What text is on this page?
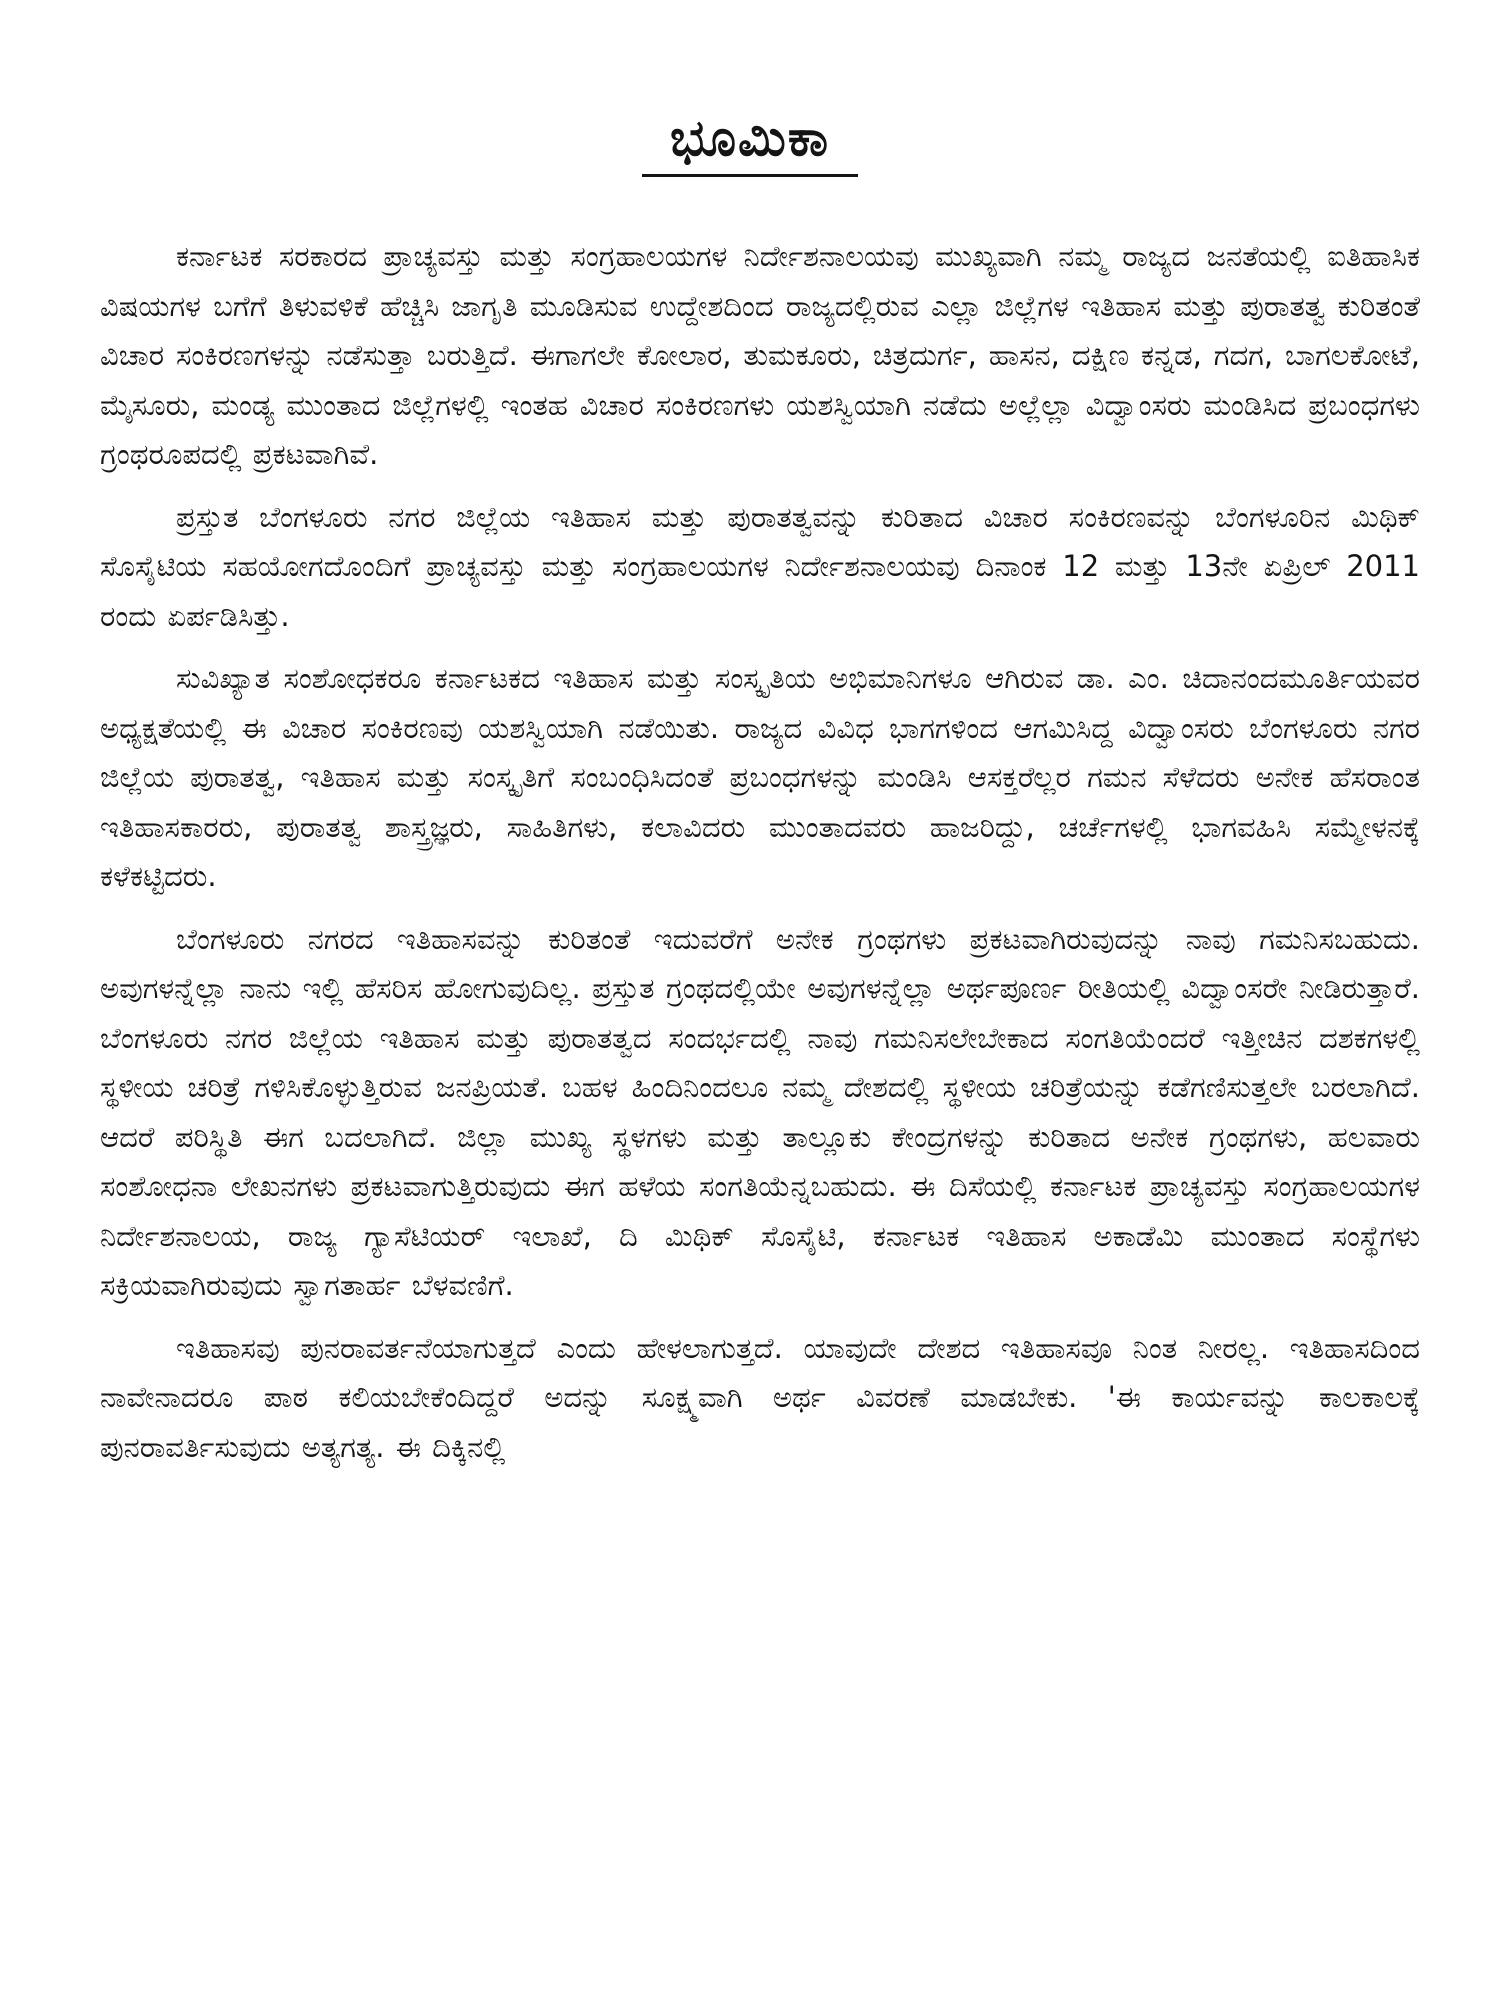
ಭೂಮಿಕಾ

ಕರ್ನಾಟಕ ಸರಕಾರದ ಪ್ರಾಚ್ಯವಸ್ತು ಮತ್ತು ಸಂಗ್ರಹಾಲಯಗಳ ನಿರ್ದೇಶನಾಲಯವು ಮುಖ್ಯವಾಗಿ ನಮ್ಮ ರಾಜ್ಯದ ಜನತೆಯಲ್ಲಿ ಐತಿಹಾಸಿಕ ವಿಷಯಗಳ ಬಗೆಗೆ ತಿಳುವಳಿಕೆ ಹೆಚ್ಚಿಸಿ ಜಾಗೃತಿ ಮೂಡಿಸುವ ಉದ್ದೇಶದಿಂದ ರಾಜ್ಯದಲ್ಲಿರುವ ಎಲ್ಲಾ ಜಿಲ್ಲೆಗಳ ಇತಿಹಾಸ ಮತ್ತು ಪುರಾತತ್ವ ಕುರಿತಂತೆ ವಿಚಾರ ಸಂಕಿರಣಗಳನ್ನು ನಡೆಸುತ್ತಾ ಬರುತ್ತಿದೆ. ಈಗಾಗಲೇ ಕೋಲಾರ, ತುಮಕೂರು, ಚಿತ್ರದುರ್ಗ, ಹಾಸನ, ದಕ್ಷಿಣ ಕನ್ನಡ, ಗದಗ, ಬಾಗಲಕೋಟೆ, ಮೈಸೂರು, ಮಂಡ್ಯ ಮುಂತಾದ ಜಿಲ್ಲೆಗಳಲ್ಲಿ ಇಂತಹ ವಿಚಾರ ಸಂಕಿರಣಗಳು ಯಶಸ್ವಿಯಾಗಿ ನಡೆದು ಅಲ್ಲೆಲ್ಲಾ ವಿದ್ವಾಂಸರು ಮಂಡಿಸಿದ ಪ್ರಬಂಧಗಳು ಗ್ರಂಥರೂಪದಲ್ಲಿ ಪ್ರಕಟವಾಗಿವೆ.

ಪ್ರಸ್ತುತ ಬೆಂಗಳೂರು ನಗರ ಜಿಲ್ಲೆಯ ಇತಿಹಾಸ ಮತ್ತು ಪುರಾತತ್ವವನ್ನು ಕುರಿತಾದ ವಿಚಾರ ಸಂಕಿರಣವನ್ನು ಬೆಂಗಳೂರಿನ ಮಿಥಿಕ್ ಸೊಸೈಟಿಯ ಸಹಯೋಗದೊಂದಿಗೆ ಪ್ರಾಚ್ಯವಸ್ತು ಮತ್ತು ಸಂಗ್ರಹಾಲಯಗಳ ನಿರ್ದೇಶನಾಲಯವು ದಿನಾಂಕ 12 ಮತ್ತು 13ನೇ ಏಪ್ರಿಲ್ 2011 ರಂದು ಏರ್ಪಡಿಸಿತ್ತು.

ಸುವಿಖ್ಯಾತ ಸಂಶೋಧಕರೂ ಕರ್ನಾಟಕದ ಇತಿಹಾಸ ಮತ್ತು ಸಂಸ್ಕೃತಿಯ ಅಭಿಮಾನಿಗಳೂ ಆಗಿರುವ ಡಾ. ಎಂ. ಚಿದಾನಂದಮೂರ್ತಿಯವರ ಅಧ್ಯಕ್ಷತೆಯಲ್ಲಿ ಈ ವಿಚಾರ ಸಂಕಿರಣವು ಯಶಸ್ವಿಯಾಗಿ ನಡೆಯಿತು. ರಾಜ್ಯದ ವಿವಿಧ ಭಾಗಗಳಿಂದ ಆಗಮಿಸಿದ್ದ ವಿದ್ವಾಂಸರು ಬೆಂಗಳೂರು ನಗರ ಜಿಲ್ಲೆಯ ಪುರಾತತ್ವ, ಇತಿಹಾಸ ಮತ್ತು ಸಂಸ್ಕೃತಿಗೆ ಸಂಬಂಧಿಸಿದಂತೆ ಪ್ರಬಂಧಗಳನ್ನು ಮಂಡಿಸಿ ಆಸಕ್ತರೆಲ್ಲರ ಗಮನ ಸೆಳೆದರು ಅನೇಕ ಹೆಸರಾಂತ ಇತಿಹಾಸಕಾರರು, ಪುರಾತತ್ವ ಶಾಸ್ತ್ರಜ್ಞರು, ಸಾಹಿತಿಗಳು, ಕಲಾವಿದರು ಮುಂತಾದವರು ಹಾಜರಿದ್ದು, ಚರ್ಚೆಗಳಲ್ಲಿ ಭಾಗವಹಿಸಿ ಸಮ್ಮೇಳನಕ್ಕೆ ಕಳೆಕಟ್ಟಿದರು.

ಬೆಂಗಳೂರು ನಗರದ ಇತಿಹಾಸವನ್ನು ಕುರಿತಂತೆ ಇದುವರೆಗೆ ಅನೇಕ ಗ್ರಂಥಗಳು ಪ್ರಕಟವಾಗಿರುವುದನ್ನು ನಾವು ಗಮನಿಸಬಹುದು. ಅವುಗಳನ್ನೆಲ್ಲಾ ನಾನು ಇಲ್ಲಿ ಹೆಸರಿಸ ಹೋಗುವುದಿಲ್ಲ. ಪ್ರಸ್ತುತ ಗ್ರಂಥದಲ್ಲಿಯೇ ಅವುಗಳನ್ನೆಲ್ಲಾ ಅರ್ಥಪೂರ್ಣ ರೀತಿಯಲ್ಲಿ ವಿದ್ವಾಂಸರೇ ನೀಡಿರುತ್ತಾರೆ. ಬೆಂಗಳೂರು ನಗರ ಜಿಲ್ಲೆಯ ಇತಿಹಾಸ ಮತ್ತು ಪುರಾತತ್ವದ ಸಂದರ್ಭದಲ್ಲಿ ನಾವು ಗಮನಿಸಲೇಬೇಕಾದ ಸಂಗತಿಯೆಂದರೆ ಇತ್ತೀಚಿನ ದಶಕಗಳಲ್ಲಿ ಸ್ಥಳೀಯ ಚರಿತ್ರೆ ಗಳಿಸಿಕೊಳ್ಳುತ್ತಿರುವ ಜನಪ್ರಿಯತೆ. ಬಹಳ ಹಿಂದಿನಿಂದಲೂ ನಮ್ಮ ದೇಶದಲ್ಲಿ ಸ್ಥಳೀಯ ಚರಿತ್ರೆಯನ್ನು ಕಡೆಗಣಿಸುತ್ತಲೇ ಬರಲಾಗಿದೆ. ಆದರೆ ಪರಿಸ್ಥಿತಿ ಈಗ ಬದಲಾಗಿದೆ. ಜಿಲ್ಲಾ ಮುಖ್ಯ ಸ್ಥಳಗಳು ಮತ್ತು ತಾಲ್ಲೂಕು ಕೇಂದ್ರಗಳನ್ನು ಕುರಿತಾದ ಅನೇಕ ಗ್ರಂಥಗಳು, ಹಲವಾರು ಸಂಶೋಧನಾ ಲೇಖನಗಳು ಪ್ರಕಟವಾಗುತ್ತಿರುವುದು ಈಗ ಹಳೆಯ ಸಂಗತಿಯೆನ್ನಬಹುದು. ಈ ದಿಸೆಯಲ್ಲಿ ಕರ್ನಾಟಕ ಪ್ರಾಚ್ಯವಸ್ತು ಸಂಗ್ರಹಾಲಯಗಳ ನಿರ್ದೇಶನಾಲಯ, ರಾಜ್ಯ ಗ್ಯಾಸೆಟಿಯರ್ ಇಲಾಖೆ, ದಿ ಮಿಥಿಕ್ ಸೊಸೈಟಿ, ಕರ್ನಾಟಕ ಇತಿಹಾಸ ಅಕಾಡೆಮಿ ಮುಂತಾದ ಸಂಸ್ಥೆಗಳು ಸಕ್ರಿಯವಾಗಿರುವುದು ಸ್ವಾಗತಾರ್ಹ ಬೆಳವಣಿಗೆ.

ಇತಿಹಾಸವು ಪುನರಾವರ್ತನೆಯಾಗುತ್ತದೆ ಎಂದು ಹೇಳಲಾಗುತ್ತದೆ. ಯಾವುದೇ ದೇಶದ ಇತಿಹಾಸವೂ ನಿಂತ ನೀರಲ್ಲ. ಇತಿಹಾಸದಿಂದ ನಾವೇನಾದರೂ ಪಾಠ ಕಲಿಯಬೇಕೆಂದಿದ್ದರೆ ಅದನ್ನು ಸೂಕ್ಷ್ಮವಾಗಿ ಅರ್ಥ ವಿವರಣೆ ಮಾಡಬೇಕು. 'ಈ ಕಾರ್ಯವನ್ನು ಕಾಲಕಾಲಕ್ಕೆ ಪುನರಾವರ್ತಿಸುವುದು ಅತ್ಯಗತ್ಯ. ಈ ದಿಕ್ಕಿನಲ್ಲಿ
